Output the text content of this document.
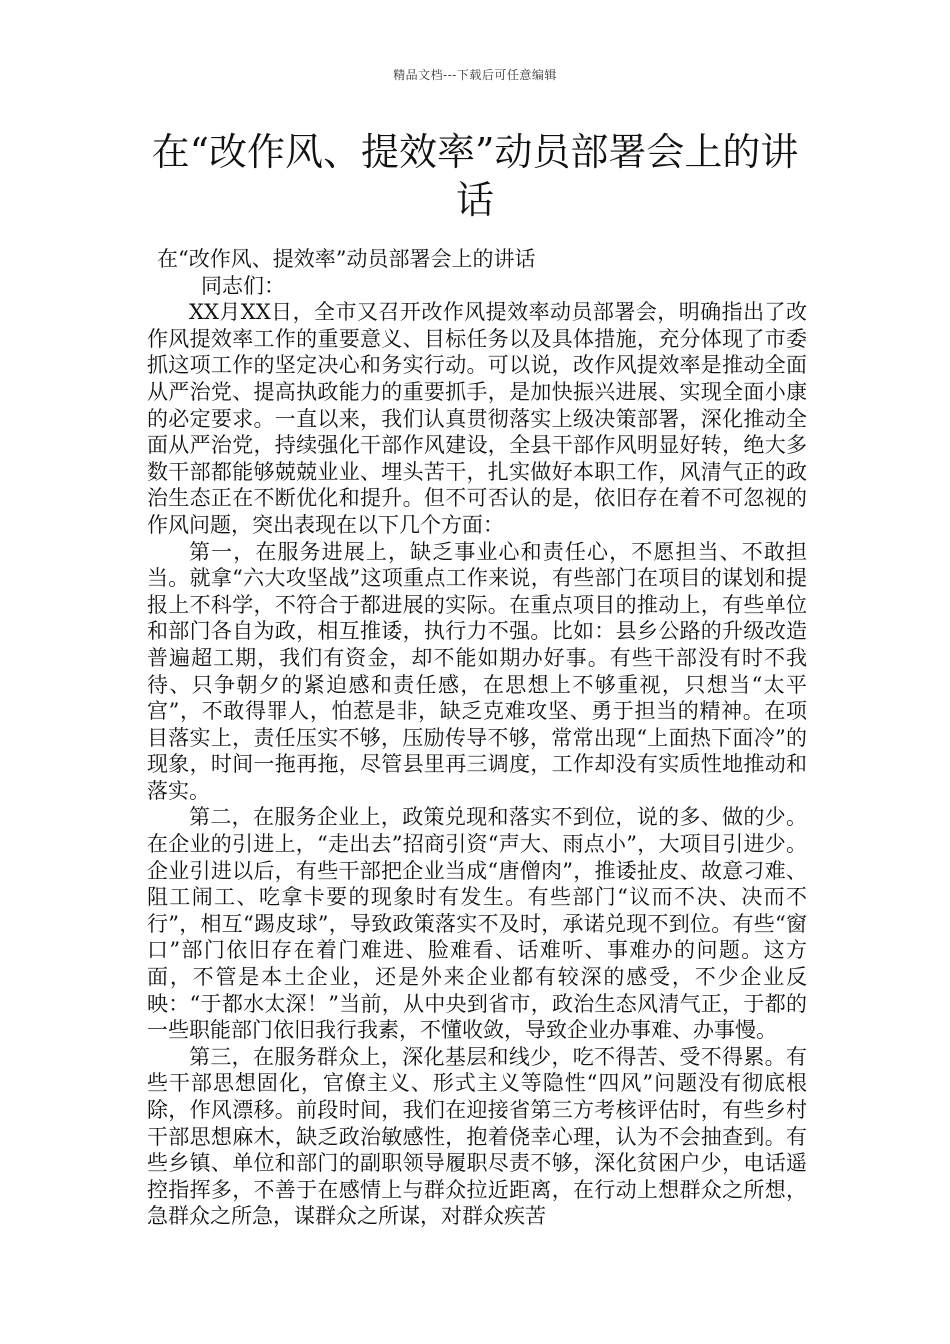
精品文档---下载后可任意编辑
在“改作风、提效率”动员部署会上的讲话

在“改作风、提效率”动员部署会上的讲话

同志们：

XX月XX日，全市又召开改作风提效率动员部署会，明确指出了改作风提效率工作的重要意义、目标任务以及具体措施，充分体现了市委抓这项工作的坚定决心和务实行动。可以说，改作风提效率是推动全面从严治党、提高执政能力的重要抓手，是加快振兴进展、实现全面小康的必定要求。一直以来，我们认真贯彻落实上级决策部署，深化推动全面从严治党，持续强化干部作风建设，全县干部作风明显好转，绝大多数干部都能够兢兢业业、埋头苦干，扎实做好本职工作，风清气正的政治生态正在不断优化和提升。但不可否认的是，依旧存在着不可忽视的作风问题，突出表现在以下几个方面：

第一，在服务进展上，缺乏事业心和责任心，不愿担当、不敢担当。就拿“六大攻坚战”这项重点工作来说，有些部门在项目的谋划和提报上不科学，不符合于都进展的实际。在重点项目的推动上，有些单位和部门各自为政，相互推诿，执行力不强。比如：县乡公路的升级改造普遍超工期，我们有资金，却不能如期办好事。有些干部没有时不我待、只争朝夕的紧迫感和责任感，在思想上不够重视，只想当“太平宫”，不敢得罪人，怕惹是非，缺乏克难攻坚、勇于担当的精神。在项目落实上，责任压实不够，压励传导不够，常常出现“上面热下面冷”的现象，时间一拖再拖，尽管县里再三调度，工作却没有实质性地推动和落实。

第二，在服务企业上，政策兑现和落实不到位，说的多、做的少。在企业的引进上，“走出去”招商引资“声大、雨点小”，大项目引进少。企业引进以后，有些干部把企业当成“唐僧肉”，推诿扯皮、故意刁难、阻工闹工、吃拿卡要的现象时有发生。有些部门“议而不决、决而不行”，相互“踢皮球”，导致政策落实不及时，承诺兑现不到位。有些“窗口”部门依旧存在着门难进、脸难看、话难听、事难办的问题。这方面，不管是本土企业，还是外来企业都有较深的感受，不少企业反映：“于都水太深！”当前，从中央到省市，政治生态风清气正，于都的一些职能部门依旧我行我素，不懂收敛，导致企业办事难、办事慢。

第三，在服务群众上，深化基层和线少，吃不得苦、受不得累。有些干部思想固化，官僚主义、形式主义等隐性“四风”问题没有彻底根除，作风漂移。前段时间，我们在迎接省第三方考核评估时，有些乡村干部思想麻木，缺乏政治敏感性，抱着侥幸心理，认为不会抽查到。有些乡镇、单位和部门的副职领导履职尽责不够，深化贫困户少，电话遥控指挥多，不善于在感情上与群众拉近距离，在行动上想群众之所想，急群众之所急，谋群众之所谋，对群众疾苦
